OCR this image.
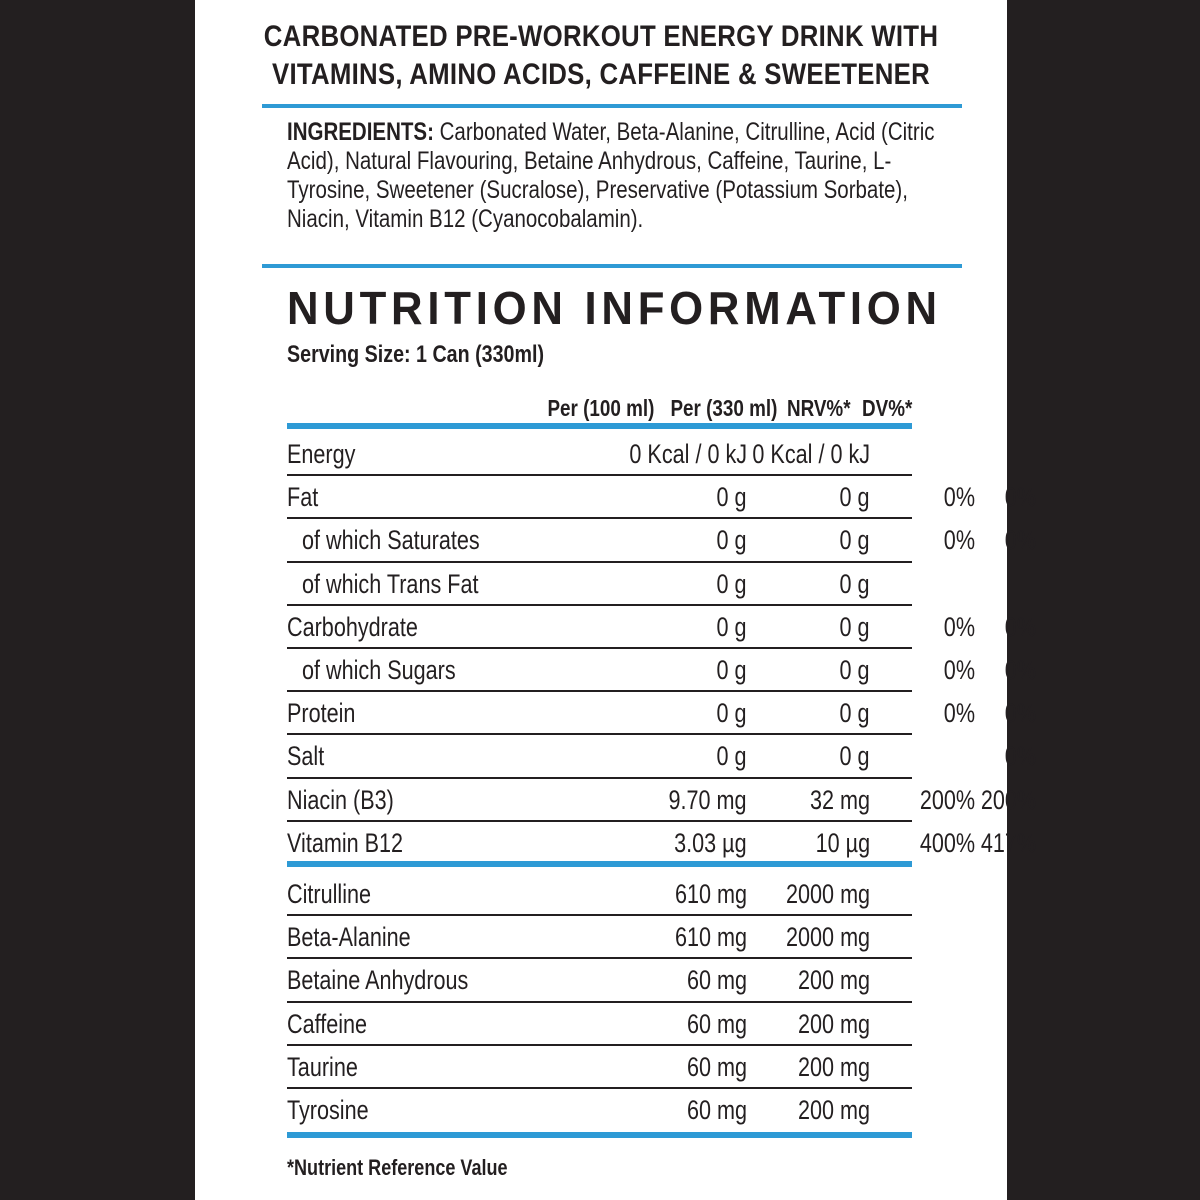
CARBONATED PRE-WORKOUT ENERGY DRINK WITH
VITAMINS, AMINO ACIDS, CAFFEINE & SWEETENER
INGREDIENTS: Carbonated Water, Beta-Alanine, Citrulline, Acid (Citric Acid), Natural Flavouring, Betaine Anhydrous, Caffeine, Taurine, L-Tyrosine, Sweetener (Sucralose), Preservative (Potassium Sorbate), Niacin, Vitamin B12 (Cyanocobalamin).
NUTRITION INFORMATION
Serving Size: 1 Can (330ml)
Per (100 ml) Per (330 ml) NRV%* DV%*
Energy	0 Kcal / 0 kJ 0 Kcal / 0 kJ
Fat	0 g	0 g	0% 0%
of which Saturates	0 g	0 g	0% 0%
of which Trans Fat	0 g	0 g
Carbohydrate	0 g	0 g	0% 0%
of which Sugars	0 g	0 g	0% 0%
Protein	0 g	0 g	0% 0%
Salt	0 g	0 g	0%
Niacin (B3)	9.70 mg 32 mg 200% 200%
Vitamin B12	3.03 µg	10 µg 400% 417%
Citrulline	610 mg 2000 mg
Beta-Alanine	610 mg 2000 mg
Betaine Anhydrous	60 mg 200 mg
Caffeine	60 mg 200 mg
Taurine	60 mg 200 mg
Tyrosine	60 mg 200 mg
*Nutrient Reference Value
